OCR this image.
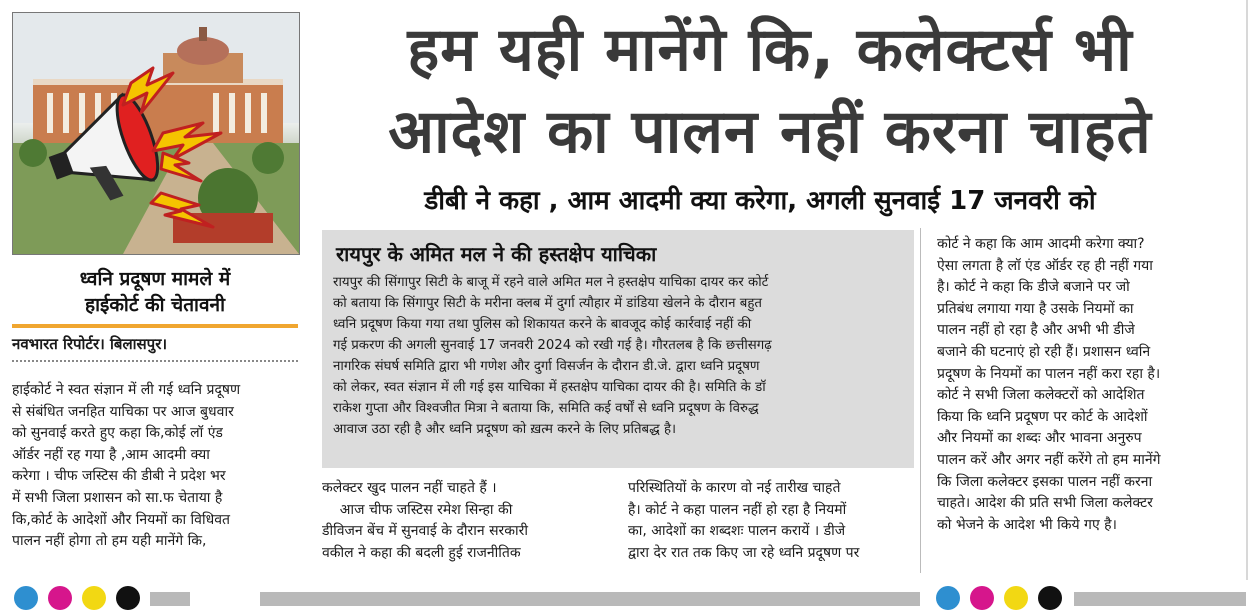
ध्वनि प्रदूषण मामले में
हाईकोर्ट की चेतावनी
नवभारत रिपोर्टर। बिलासपुर।
हाईकोर्ट ने स्वत संज्ञान में ली गई ध्वनि प्रदूषण
से संबंधित जनहित याचिका पर आज बुधवार
को सुनवाई करते हुए कहा कि,कोई लॉ एंड
ऑर्डर नहीं रह गया है ,आम आदमी क्या
करेगा । चीफ जस्टिस की डीबी ने प्रदेश भर
में सभी जिला प्रशासन को सा.फ चेताया है
कि,कोर्ट के आदेशों और नियमों का विधिवत
पालन नहीं होगा तो हम यही मानेंगे कि,
हम यही मानेंगे कि, कलेक्टर्स भी
आदेश का पालन नहीं करना चाहते
डीबी ने कहा , आम आदमी क्या करेगा, अगली सुनवाई 17 जनवरी को
रायपुर के अमित मल ने की हस्तक्षेप याचिका
रायपुर की सिंगापुर सिटी के बाजू में रहने वाले अमित मल ने हस्तक्षेप याचिका दायर कर कोर्ट
को बताया कि सिंगापुर सिटी के मरीना क्लब में दुर्गा त्यौहार में डांडिया खेलने के दौरान बहुत
ध्वनि प्रदूषण किया गया तथा पुलिस को शिकायत करने के बावजूद कोई कार्रवाई नहीं की
गई प्रकरण की अगली सुनवाई 17 जनवरी 2024 को रखी गई है। गौरतलब है कि छत्तीसगढ़
नागरिक संघर्ष समिति द्वारा भी गणेश और दुर्गा विसर्जन के दौरान डी.जे. द्वारा ध्वनि प्रदूषण
को लेकर, स्वत संज्ञान में ली गई इस याचिका में हस्तक्षेप याचिका दायर की है। समिति के डॉ
राकेश गुप्ता और विश्वजीत मित्रा ने बताया कि, समिति कई वर्षों से ध्वनि प्रदूषण के विरुद्ध
आवाज उठा रही है और ध्वनि प्रदूषण को ख़त्म करने के लिए प्रतिबद्ध है।
कलेक्टर खुद पालन नहीं चाहते हैं ।
आज चीफ जस्टिस रमेश सिन्हा की
डीविजन बेंच में सुनवाई के दौरान सरकारी
वकील ने कहा की बदली हुई राजनीतिक
परिस्थितियों के कारण वो नई तारीख चाहते
है। कोर्ट ने कहा पालन नहीं हो रहा है नियमों
का, आदेशों का शब्दशः पालन करायें । डीजे
द्वारा देर रात तक किए जा रहे ध्वनि प्रदूषण पर
कोर्ट ने कहा कि आम आदमी करेगा क्या?
ऐसा लगता है लॉ एंड ऑर्डर रह ही नहीं गया
है। कोर्ट ने कहा कि डीजे बजाने पर जो
प्रतिबंध लगाया गया है उसके नियमों का
पालन नहीं हो रहा है और अभी भी डीजे
बजाने की घटनाएं हो रही हैं। प्रशासन ध्वनि
प्रदूषण के नियमों का पालन नहीं करा रहा है।
कोर्ट ने सभी जिला कलेक्टरों को आदेशित
किया कि ध्वनि प्रदूषण पर कोर्ट के आदेशों
और नियमों का शब्दः और भावना अनुरुप
पालन करें और अगर नहीं करेंगे तो हम मानेंगे
कि जिला कलेक्टर इसका पालन नहीं करना
चाहते। आदेश की प्रति सभी जिला कलेक्टर
को भेजने के आदेश भी किये गए है।
